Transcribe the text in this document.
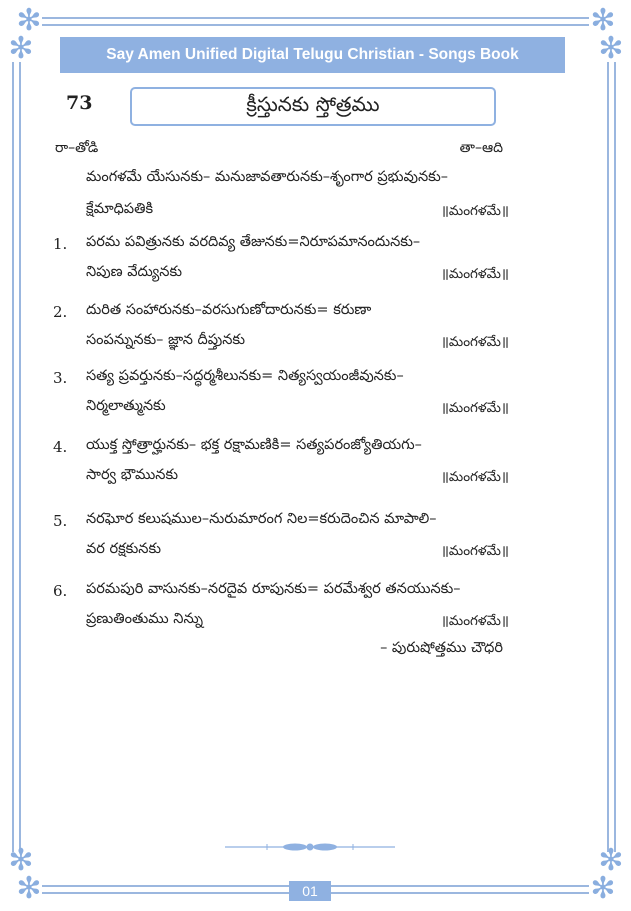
✻
✻
✻
✻
✻
✻
✻
✻
Say Amen Unified Digital Telugu Christian - Songs Book
73	క్రీస్తునకు స్తోత్రము
రా–తోడి	తా–ఆది
మంగళమే యేసునకు– మనుజావతారునకు–శృంగార ప్రభువునకు–
క్షేమాధిపతికి	॥మంగళమే॥
1. పరమ పవిత్రునకు వరదివ్య తేజునకు=నిరూపమానందునకు–
నిపుణ వేద్యునకు	॥మంగళమే॥
2. దురిత సంహారునకు–వరసుగుణోదారునకు= కరుణా
సంపన్నునకు– జ్ఞాన దీప్తునకు	॥మంగళమే॥
3. సత్య ప్రవర్తునకు–సద్ధర్మశీలునకు= నిత్యస్వయంజీవునకు–
నిర్మలాత్మునకు	॥మంగళమే॥
4. యుక్త స్తోత్రార్హునకు– భక్త రక్షామణికి= సత్యపరంజ్యోతియగు–
సార్వ భౌమునకు	॥మంగళమే॥
5. నరఘోర కలుషముల–నురుమారంగ నిల=కరుదెంచిన మాపాలి–
వర రక్షకునకు	॥మంగళమే॥
6. పరమపురి వాసునకు–నరదైవ రూపునకు= పరమేశ్వర తనయునకు–
ప్రణుతింతుము నిన్ను	॥మంగళమే॥
– పురుషోత్తము చౌధరి
01
